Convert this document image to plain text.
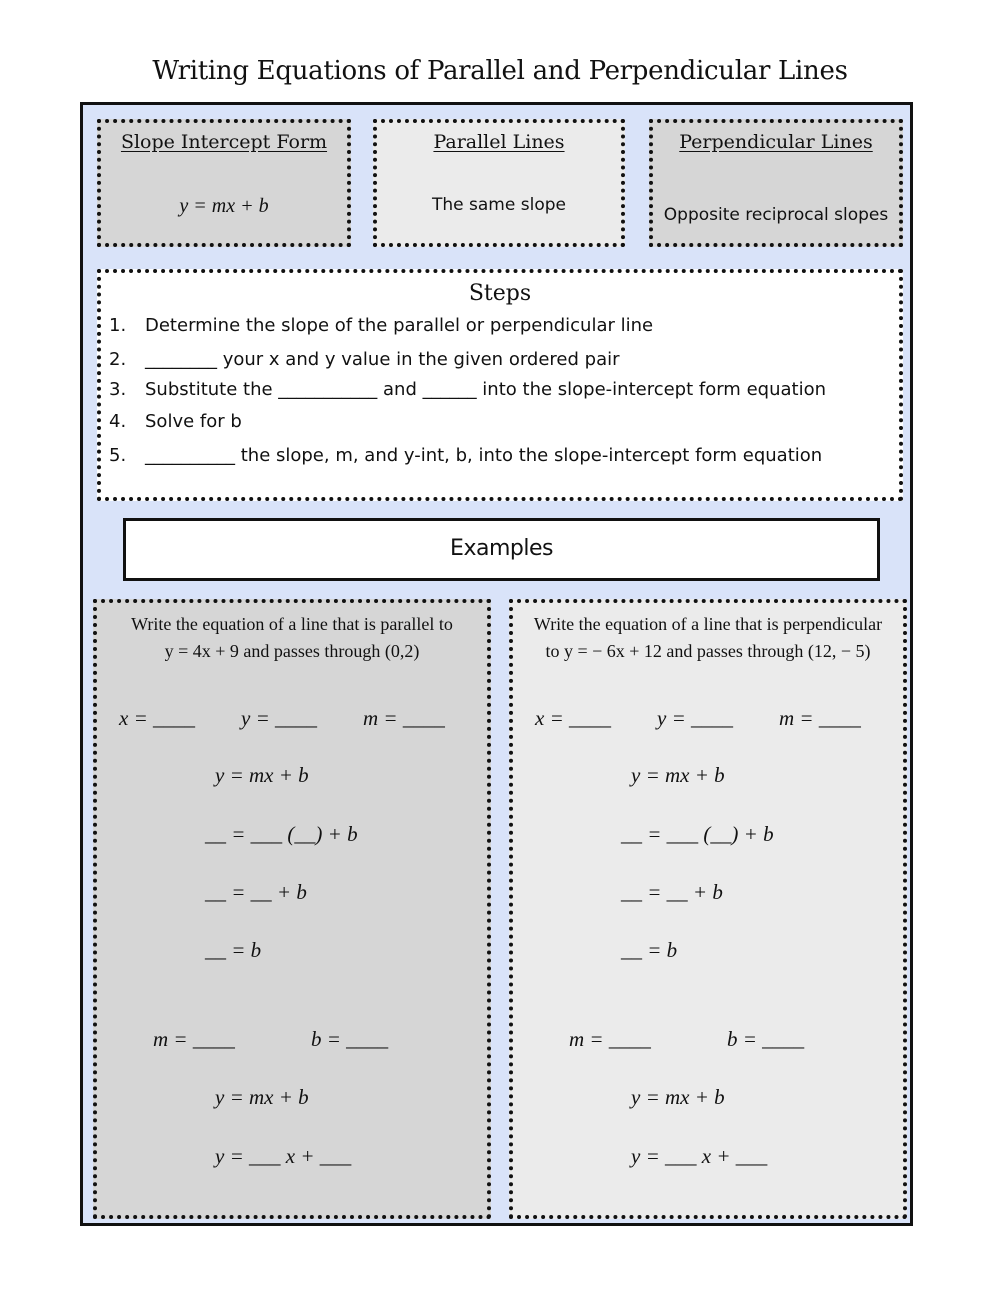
Writing Equations of Parallel and Perpendicular Lines
Slope Intercept Form
y = mx + b
Parallel Lines
The same slope
Perpendicular Lines
Opposite reciprocal slopes
Steps
1. Determine the slope of the parallel or perpendicular line
2. ________ your x and y value in the given ordered pair
3. Substitute the ___________ and ______ into the slope-intercept form equation
4. Solve for b
5. __________ the slope, m, and y-int, b, into the slope-intercept form equation
Write the equation of a line that is parallel to
y = 4x + 9 and passes through (0,2)
x = ____ y = ____ m = ____
y = mx + b
__ = ___ (__) + b
__ = __ + b
__ = b
m = ____	b = ____
y = mx + b
y = ___ x + ___
Write the equation of a line that is perpendicular
to y = − 6x + 12 and passes through (12, − 5)
x = ____ y = ____ m = ____
y = mx + b
__ = ___ (__) + b
__ = __ + b
__ = b
m = ____	b = ____
y = mx + b
y = ___ x + ___
Examples
